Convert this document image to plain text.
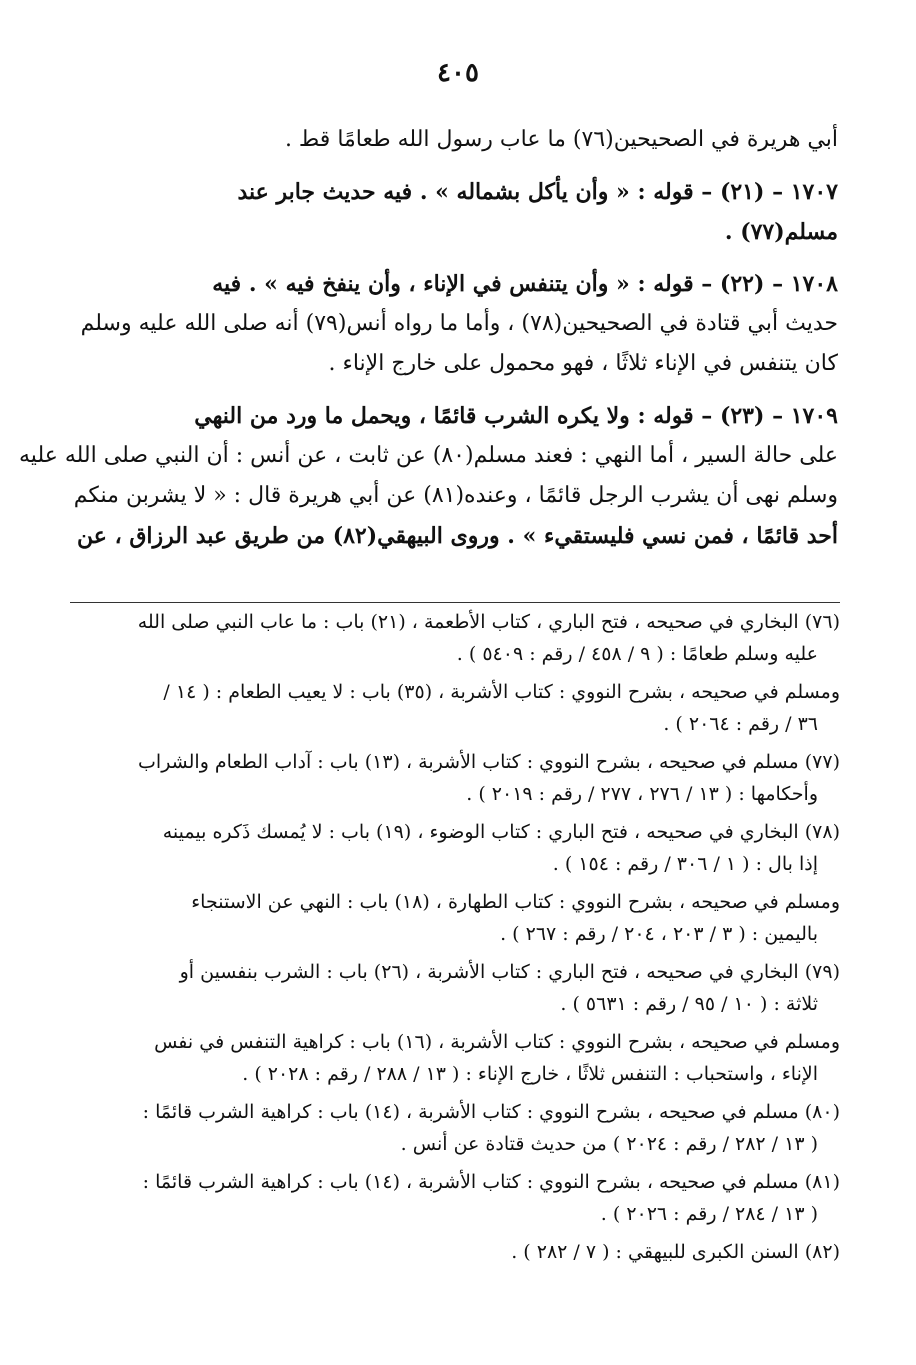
٤٠٥

أبي هريرة في الصحيحين(٧٦) ما عاب رسول الله طعامًا قط .

١٧٠٧ – (٢١) – قوله : « وأن يأكل بشماله » . فيه حديث جابر عند
مسلم(٧٧) .

١٧٠٨ – (٢٢) – قوله : « وأن يتنفس في الإناء ، وأن ينفخ فيه » . فيه
حديث أبي قتادة في الصحيحين(٧٨) ، وأما ما رواه أنس(٧٩) أنه صلى الله عليه وسلم
كان يتنفس في الإناء ثلاثًا ، فهو محمول على خارج الإناء .

١٧٠٩ – (٢٣) – قوله : ولا يكره الشرب قائمًا ، ويحمل ما ورد من النهي
على حالة السير ، أما النهي : فعند مسلم(٨٠) عن ثابت ، عن أنس : أن النبي صلى الله عليه
وسلم نهى أن يشرب الرجل قائمًا ، وعنده(٨١) عن أبي هريرة قال : « لا يشربن منكم
أحد قائمًا ، فمن نسي فليستقيء » . وروى البيهقي(٨٢) من طريق عبد الرزاق ، عن

(٧٦) البخاري في صحيحه ، فتح الباري ، كتاب الأطعمة ، (٢١) باب : ما عاب النبي صلى الله
عليه وسلم طعامًا : ( ٩ / ٤٥٨ / رقم : ٥٤٠٩ ) .

ومسلم في صحيحه ، بشرح النووي : كتاب الأشربة ، (٣٥) باب : لا يعيب الطعام : ( ١٤ /
٣٦ / رقم : ٢٠٦٤ ) .

(٧٧) مسلم في صحيحه ، بشرح النووي : كتاب الأشربة ، (١٣) باب : آداب الطعام والشراب
وأحكامها : ( ١٣ / ٢٧٦ ، ٢٧٧ / رقم : ٢٠١٩ ) .

(٧٨) البخاري في صحيحه ، فتح الباري : كتاب الوضوء ، (١٩) باب : لا يُمسك ذَكره بيمينه
إذا بال : ( ١ / ٣٠٦ / رقم : ١٥٤ ) .

ومسلم في صحيحه ، بشرح النووي : كتاب الطهارة ، (١٨) باب : النهي عن الاستنجاء
باليمين : ( ٣ / ٢٠٣ ، ٢٠٤ / رقم : ٢٦٧ ) .

(٧٩) البخاري في صحيحه ، فتح الباري : كتاب الأشربة ، (٢٦) باب : الشرب بنفسين أو
ثلاثة : ( ١٠ / ٩٥ / رقم : ٥٦٣١ ) .

ومسلم في صحيحه ، بشرح النووي : كتاب الأشربة ، (١٦) باب : كراهية التنفس في نفس
الإناء ، واستحباب : التنفس ثلاثًا ، خارج الإناء : ( ١٣ / ٢٨٨ / رقم : ٢٠٢٨ ) .

(٨٠) مسلم في صحيحه ، بشرح النووي : كتاب الأشربة ، (١٤) باب : كراهية الشرب قائمًا :
( ١٣ / ٢٨٢ / رقم : ٢٠٢٤ ) من حديث قتادة عن أنس .

(٨١) مسلم في صحيحه ، بشرح النووي : كتاب الأشربة ، (١٤) باب : كراهية الشرب قائمًا :
( ١٣ / ٢٨٤ / رقم : ٢٠٢٦ ) .

(٨٢) السنن الكبرى للبيهقي : ( ٧ / ٢٨٢ ) .
